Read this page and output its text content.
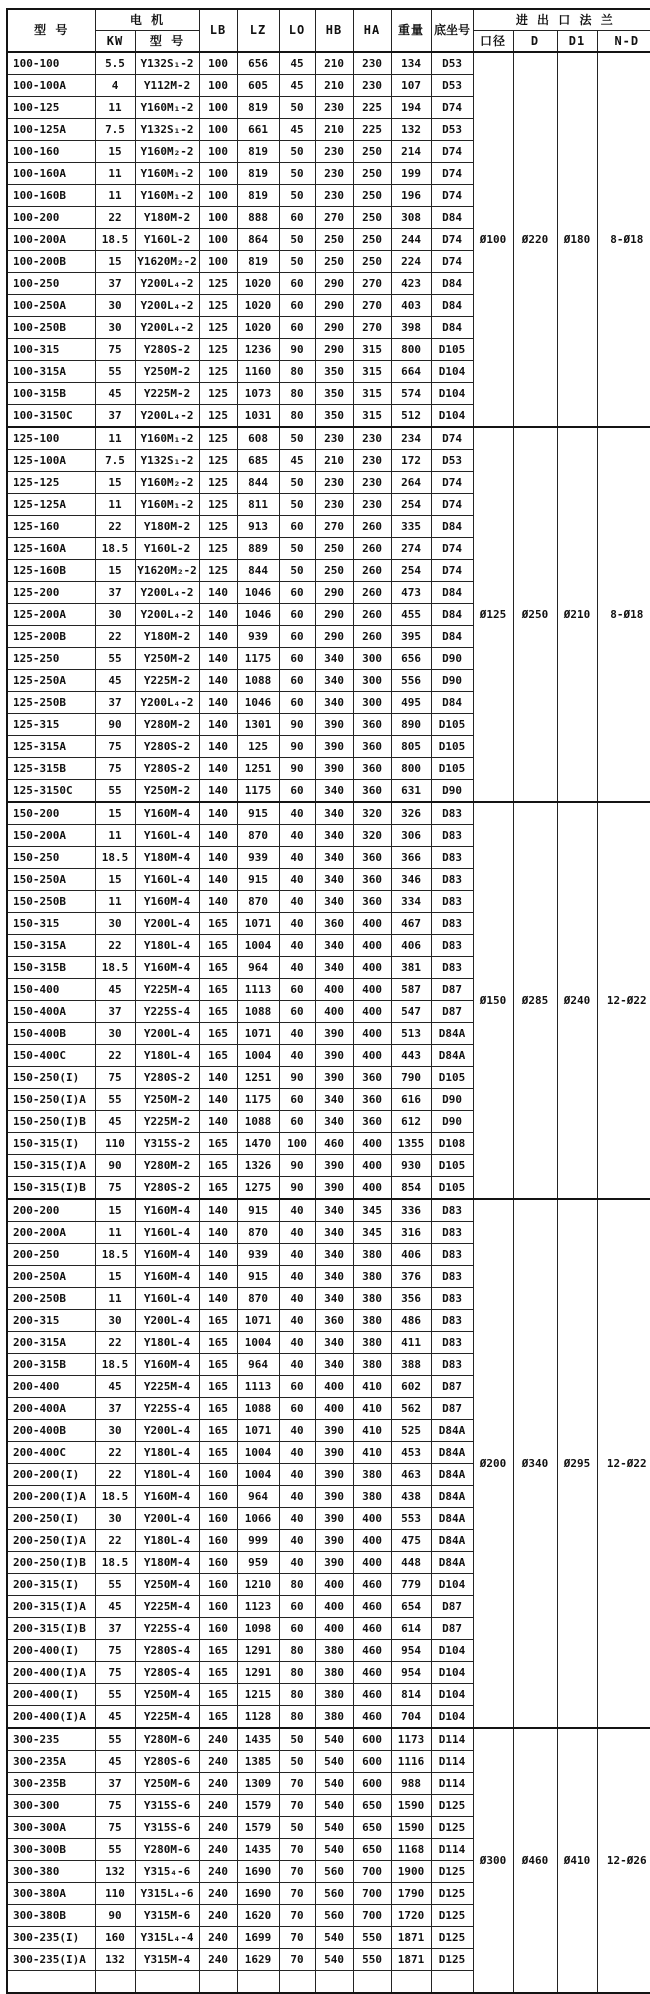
型 号	电 机		LB	LZ	LO	HB	HA	重量	底坐号	进 出 口 法 兰			
	KW	型 号								口径	D	D1	N-D
100-100	5.5	Y132S₁-2	100	656	45	210	230	134	D53	Ø100	Ø220	Ø180	8-Ø18
100-100A	4	Y112M-2	100	605	45	210	230	107	D53				
100-125	11	Y160M₁-2	100	819	50	230	225	194	D74				
100-125A	7.5	Y132S₁-2	100	661	45	210	225	132	D53				
100-160	15	Y160M₂-2	100	819	50	230	250	214	D74				
100-160A	11	Y160M₁-2	100	819	50	230	250	199	D74				
100-160B	11	Y160M₁-2	100	819	50	230	250	196	D74				
100-200	22	Y180M-2	100	888	60	270	250	308	D84				
100-200A	18.5	Y160L-2	100	864	50	250	250	244	D74				
100-200B	15	Y1620M₂-2	100	819	50	250	250	224	D74				
100-250	37	Y200L₄-2	125	1020	60	290	270	423	D84				
100-250A	30	Y200L₄-2	125	1020	60	290	270	403	D84				
100-250B	30	Y200L₄-2	125	1020	60	290	270	398	D84				
100-315	75	Y280S-2	125	1236	90	290	315	800	D105				
100-315A	55	Y250M-2	125	1160	80	350	315	664	D104				
100-315B	45	Y225M-2	125	1073	80	350	315	574	D104				
100-3150C	37	Y200L₄-2	125	1031	80	350	315	512	D104				
125-100	11	Y160M₁-2	125	608	50	230	230	234	D74	Ø125	Ø250	Ø210	8-Ø18
125-100A	7.5	Y132S₁-2	125	685	45	210	230	172	D53				
125-125	15	Y160M₂-2	125	844	50	230	230	264	D74				
125-125A	11	Y160M₁-2	125	811	50	230	230	254	D74				
125-160	22	Y180M-2	125	913	60	270	260	335	D84				
125-160A	18.5	Y160L-2	125	889	50	250	260	274	D74				
125-160B	15	Y1620M₂-2	125	844	50	250	260	254	D74				
125-200	37	Y200L₄-2	140	1046	60	290	260	473	D84				
125-200A	30	Y200L₄-2	140	1046	60	290	260	455	D84				
125-200B	22	Y180M-2	140	939	60	290	260	395	D84				
125-250	55	Y250M-2	140	1175	60	340	300	656	D90				
125-250A	45	Y225M-2	140	1088	60	340	300	556	D90				
125-250B	37	Y200L₄-2	140	1046	60	340	300	495	D84				
125-315	90	Y280M-2	140	1301	90	390	360	890	D105				
125-315A	75	Y280S-2	140	125	90	390	360	805	D105				
125-315B	75	Y280S-2	140	1251	90	390	360	800	D105				
125-3150C	55	Y250M-2	140	1175	60	340	360	631	D90				
150-200	15	Y160M-4	140	915	40	340	320	326	D83	Ø150	Ø285	Ø240	12-Ø22
150-200A	11	Y160L-4	140	870	40	340	320	306	D83				
150-250	18.5	Y180M-4	140	939	40	340	360	366	D83				
150-250A	15	Y160L-4	140	915	40	340	360	346	D83				
150-250B	11	Y160M-4	140	870	40	340	360	334	D83				
150-315	30	Y200L-4	165	1071	40	360	400	467	D83				
150-315A	22	Y180L-4	165	1004	40	340	400	406	D83				
150-315B	18.5	Y160M-4	165	964	40	340	400	381	D83				
150-400	45	Y225M-4	165	1113	60	400	400	587	D87				
150-400A	37	Y225S-4	165	1088	60	400	400	547	D87				
150-400B	30	Y200L-4	165	1071	40	390	400	513	D84A				
150-400C	22	Y180L-4	165	1004	40	390	400	443	D84A				
150-250(I)	75	Y280S-2	140	1251	90	390	360	790	D105				
150-250(I)A	55	Y250M-2	140	1175	60	340	360	616	D90				
150-250(I)B	45	Y225M-2	140	1088	60	340	360	612	D90				
150-315(I)	110	Y315S-2	165	1470	100	460	400	1355	D108				
150-315(I)A	90	Y280M-2	165	1326	90	390	400	930	D105				
150-315(I)B	75	Y280S-2	165	1275	90	390	400	854	D105				
200-200	15	Y160M-4	140	915	40	340	345	336	D83	Ø200	Ø340	Ø295	12-Ø22
200-200A	11	Y160L-4	140	870	40	340	345	316	D83				
200-250	18.5	Y160M-4	140	939	40	340	380	406	D83				
200-250A	15	Y160M-4	140	915	40	340	380	376	D83				
200-250B	11	Y160L-4	140	870	40	340	380	356	D83				
200-315	30	Y200L-4	165	1071	40	360	380	486	D83				
200-315A	22	Y180L-4	165	1004	40	340	380	411	D83				
200-315B	18.5	Y160M-4	165	964	40	340	380	388	D83				
200-400	45	Y225M-4	165	1113	60	400	410	602	D87				
200-400A	37	Y225S-4	165	1088	60	400	410	562	D87				
200-400B	30	Y200L-4	165	1071	40	390	410	525	D84A				
200-400C	22	Y180L-4	165	1004	40	390	410	453	D84A				
200-200(I)	22	Y180L-4	160	1004	40	390	380	463	D84A				
200-200(I)A	18.5	Y160M-4	160	964	40	390	380	438	D84A				
200-250(I)	30	Y200L-4	160	1066	40	390	400	553	D84A				
200-250(I)A	22	Y180L-4	160	999	40	390	400	475	D84A				
200-250(I)B	18.5	Y180M-4	160	959	40	390	400	448	D84A				
200-315(I)	55	Y250M-4	160	1210	80	400	460	779	D104				
200-315(I)A	45	Y225M-4	160	1123	60	400	460	654	D87				
200-315(I)B	37	Y225S-4	160	1098	60	400	460	614	D87				
200-400(I)	75	Y280S-4	165	1291	80	380	460	954	D104				
200-400(I)A	75	Y280S-4	165	1291	80	380	460	954	D104				
200-400(I)	55	Y250M-4	165	1215	80	380	460	814	D104				
200-400(I)A	45	Y225M-4	165	1128	80	380	460	704	D104				
300-235	55	Y280M-6	240	1435	50	540	600	1173	D114	Ø300	Ø460	Ø410	12-Ø26
300-235A	45	Y280S-6	240	1385	50	540	600	1116	D114				
300-235B	37	Y250M-6	240	1309	70	540	600	988	D114				
300-300	75	Y315S-6	240	1579	70	540	650	1590	D125				
300-300A	75	Y315S-6	240	1579	50	540	650	1590	D125				
300-300B	55	Y280M-6	240	1435	70	540	650	1168	D114				
300-380	132	Y315₄-6	240	1690	70	560	700	1900	D125				
300-380A	110	Y315L₄-6	240	1690	70	560	700	1790	D125				
300-380B	90	Y315M-6	240	1620	70	560	700	1720	D125				
300-235(I)	160	Y315L₄-4	240	1699	70	540	550	1871	D125				
300-235(I)A	132	Y315M-4	240	1629	70	540	550	1871	D125				
